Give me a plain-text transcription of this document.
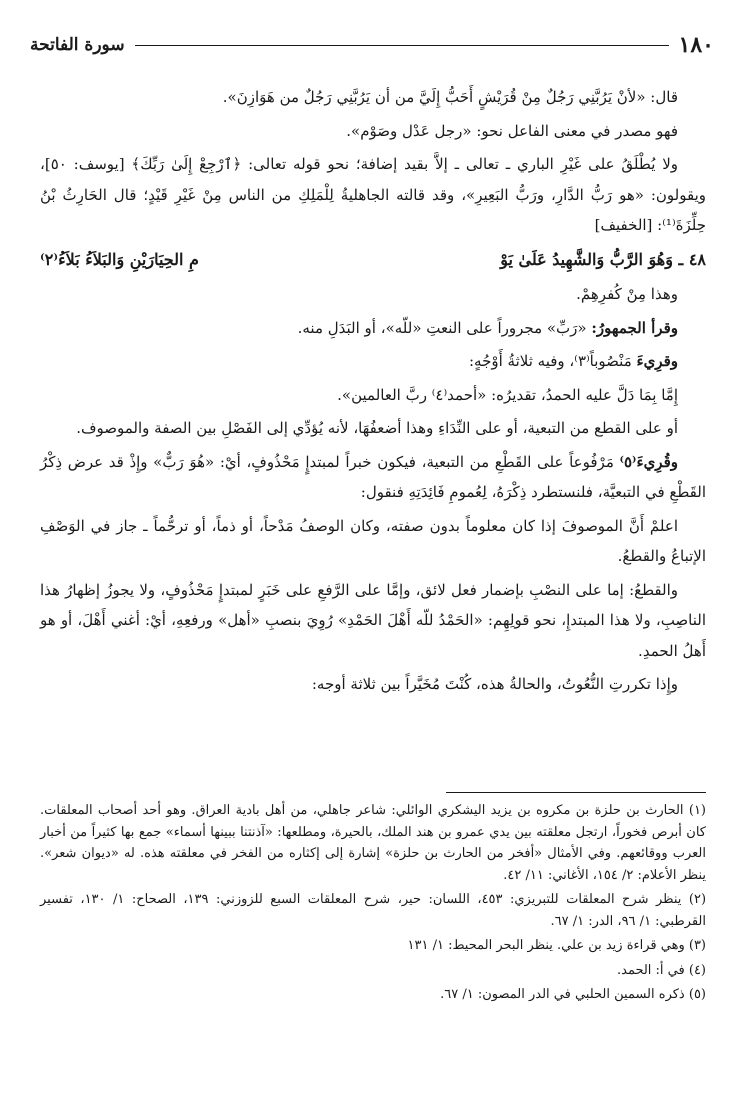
١٨٠
سورة الفاتحة

قال: «لأنْ يَرُبَّنِي رَجُلٌ مِنْ قُرَيْشٍ أَحَبُّ إِلَيَّ من أن يَرُبَّنِي رَجُلٌ من هَوَازِنَ».

فهو مصدر في معنى الفاعل نحو: «رجل عَدْل وصَوْم».

ولا يُطْلَقُ على غَيْرِ الباري ـ تعالى ـ إلاَّ بقيد إضافة؛ نحو قوله تعالى: ﴿ٱرْجِعْ إِلَىٰ رَبِّكَ﴾ [يوسف: ٥٠]، ويقولون: «هو رَبُّ الدَّارِ، ورَبُّ البَعِيرِ»، وقد قالته الجاهليةُ لِلْمَلِكِ من الناس مِنْ غَيْرِ قَيْدٍ؛ قال الحَارِثُ بْنُ حِلِّزَةَ⁽¹⁾: [الخفيف]

٤٨ ـ وَهُوَ الرَّبُّ وَالشَّهِيدُ عَلَىٰ يَوْ
مِ الحِيَارَيْنِ وَالبَلاَءُ بَلاَءُ⁽٢⁾

وهذا مِنْ كُفرِهِمْ.

وقرأ الجمهورُ: «رَبِّ» مجروراً على النعتِ «للّه»، أو البَدَلِ منه.

وقرِيءَ مَنْصُوباً⁽٣⁾، وفيه ثلاثةُ أَوْجُهٍ:

إِمَّا بِمَا دَلَّ عليه الحمدُ، تقديرُه: «أحمد⁽٤⁾ ربَّ العالمين».

أو على القطع من التبعية، أو على النِّدَاءِ وهذا أضعفُهَا، لأنه يُؤدِّي إلى الفَصْلِ بين الصفة والموصوف.

وقُرِيءَ⁽٥⁾ مَرْفُوعاً على القَطْعِ من التبعية، فيكون خبراً لمبتدإٍ مَحْذُوفٍ، أيْ: «هُوَ رَبٌّ» وإِذْ قد عرض ذِكْرُ القَطْعِ في التبعيَّة، فلنستطرد ذِكْرَهُ، لِعُمومِ فَائِدَتِهِ فنقول:

اعلمْ أَنَّ الموصوفَ إذا كان معلوماً بدون صفته، وكان الوصفُ مَدْحاً، أو ذماً، أو ترحُّماً ـ جاز في الوَصْفِ الإتباعُ والقطعُ.

والقطعُ: إما على النصْبِ بإضمار فعل لائق، وإمَّا على الرَّفعِ على خَبَرٍ لمبتدإٍ مَحْذُوفٍ، ولا يجوزُ إظهارُ هذا الناصِبِ، ولا هذا المبتدإِ، نحو قولِهِم: «الحَمْدُ للّه أَهْلَ الحَمْدِ» رُوِيَ بنصبِ «أهل» ورفعِهِ، أيْ: أغني أَهْلَ، أو هو أَهلُ الحمدِ.

وإِذا تكررتِ النُّعُوتُ، والحالةُ هذه، كُنْتَ مُخَيَّراً بين ثلاثة أوجه:

(١) الحارث بن حلزة بن مكروه بن يزيد اليشكري الوائلي: شاعر جاهلي، من أهل بادية العراق. وهو أحد أصحاب المعلقات. كان أبرص فخوراً، ارتجل معلقته بين يدي عمرو بن هند الملك، بالحيرة، ومطلعها: «آذنتنا ببينها أسماء» جمع بها كثيراً من أخبار العرب ووقائعهم. وفي الأمثال «أفخر من الحارث بن حلزة» إشارة إلى إكثاره من الفخر في معلقته هذه. له «ديوان شعر». ينظر الأعلام: ٢/ ١٥٤، الأغاني: ١١/ ٤٢.

(٢) ينظر شرح المعلقات للتبريزي: ٤٥٣، اللسان: حير، شرح المعلقات السبع للزوزني: ١٣٩، الصحاح: ١/ ١٣٠، تفسير القرطبي: ١/ ٩٦، الدر: ١/ ٦٧.

(٣) وهي قراءة زيد بن علي. ينظر البحر المحيط: ١/ ١٣١

(٤) في أ: الحمد.

(٥) ذكره السمين الحلبي في الدر المصون: ١/ ٦٧.
